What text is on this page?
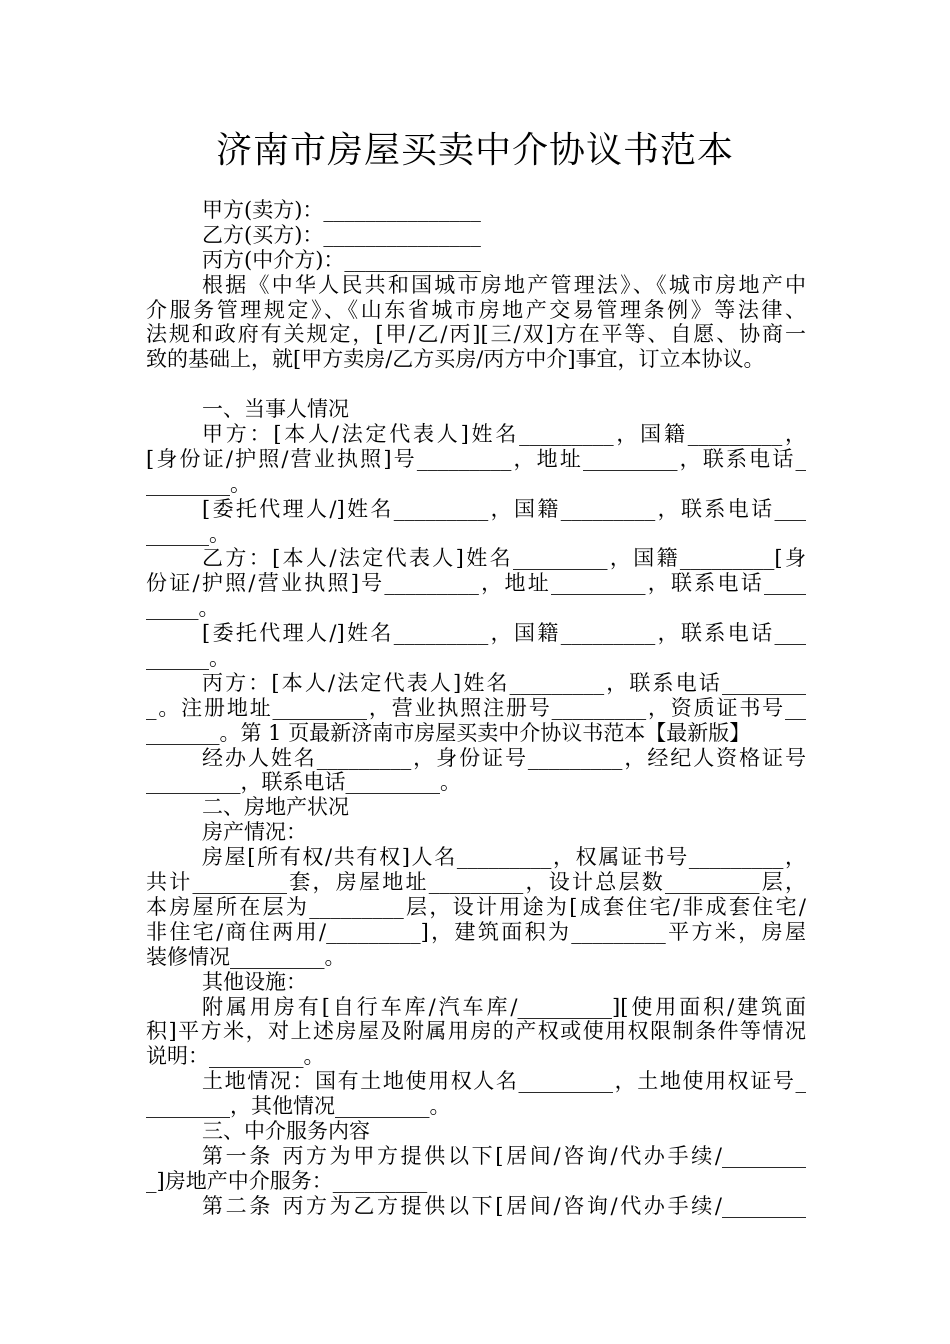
济南市房屋买卖中介协议书范本
甲方(卖方)：_______________
乙方(买方)：_______________
丙方(中介方)：_____________
根据《中华人民共和国城市房地产管理法》、《城市房地产中
介服务管理规定》、《山东省城市房地产交易管理条例》等法律、
法规和政府有关规定，[甲/乙/丙][三/双]方在平等、自愿、协商一
致的基础上，就[甲方卖房/乙方买房/丙方中介]事宜，订立本协议。
一、当事人情况
甲方：[本人/法定代表人]姓名_________，国籍_________，
[身份证/护照/营业执照]号_________，地址_________，联系电话_
________。
[委托代理人/]姓名_________，国籍_________，联系电话___
______。
乙方：[本人/法定代表人]姓名_________，国籍_________[身
份证/护照/营业执照]号_________，地址_________，联系电话____
_____。
[委托代理人/]姓名_________，国籍_________，联系电话___
______。
丙方：[本人/法定代表人]姓名_________，联系电话________
_。注册地址_________，营业执照注册号_________，资质证书号__
_______。第 1 页最新济南市房屋买卖中介协议书范本【最新版】
经办人姓名_________，身份证号_________，经纪人资格证号
_________，联系电话_________。
二、房地产状况
房产情况：
房屋[所有权/共有权]人名_________，权属证书号_________，
共计_________套，房屋地址_________，设计总层数_________层，
本房屋所在层为_________层，设计用途为[成套住宅/非成套住宅/
非住宅/商住两用/_________]，建筑面积为_________平方米，房屋
装修情况_________。
其他设施：
附属用房有[自行车库/汽车库/_________][使用面积/建筑面
积]平方米，对上述房屋及附属用房的产权或使用权限制条件等情况
说明：_________。
土地情况：国有土地使用权人名_________，土地使用权证号_
________，其他情况_________。
三、中介服务内容
第一条 丙方为甲方提供以下[居间/咨询/代办手续/________
_]房地产中介服务：_________
第二条 丙方为乙方提供以下[居间/咨询/代办手续/________
